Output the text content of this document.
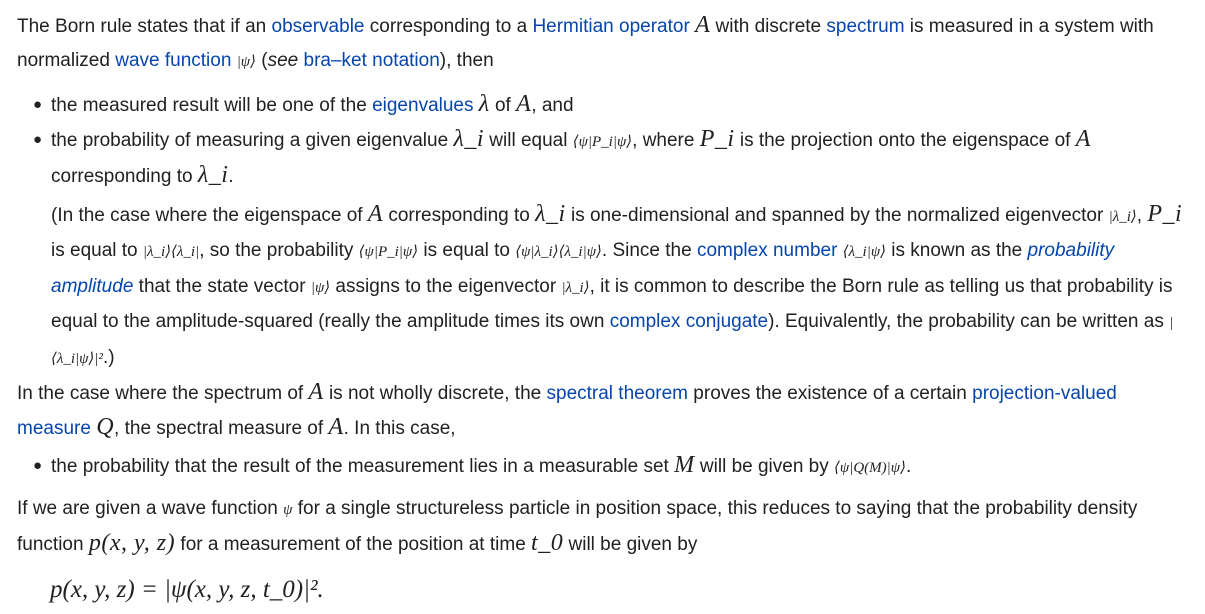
The Born rule states that if an observable corresponding to a Hermitian operator A with discrete spectrum is measured in a system with normalized wave function |ψ⟩ (see bra–ket notation), then

● the measured result will be one of the eigenvalues λ of A, and
● the probability of measuring a given eigenvalue λ_i will equal ⟨ψ|P_i|ψ⟩, where P_i is the projection onto the eigenspace of A corresponding to λ_i.
(In the case where the eigenspace of A corresponding to λ_i is one-dimensional and spanned by the normalized eigenvector |λ_i⟩, P_i is equal to |λ_i⟩⟨λ_i|, so the probability ⟨ψ|P_i|ψ⟩ is equal to ⟨ψ|λ_i⟩⟨λ_i|ψ⟩. Since the complex number ⟨λ_i|ψ⟩ is known as the probability amplitude that the state vector |ψ⟩ assigns to the eigenvector |λ_i⟩, it is common to describe the Born rule as telling us that probability is equal to the amplitude-squared (really the amplitude times its own complex conjugate). Equivalently, the probability can be written as |⟨λ_i|ψ⟩|².)

In the case where the spectrum of A is not wholly discrete, the spectral theorem proves the existence of a certain projection-valued measure Q, the spectral measure of A. In this case,

● the probability that the result of the measurement lies in a measurable set M will be given by ⟨ψ|Q(M)|ψ⟩.

If we are given a wave function ψ for a single structureless particle in position space, this reduces to saying that the probability density function p(x, y, z) for a measurement of the position at time t_0 will be given by

p(x, y, z) = |ψ(x, y, z, t_0)|².
